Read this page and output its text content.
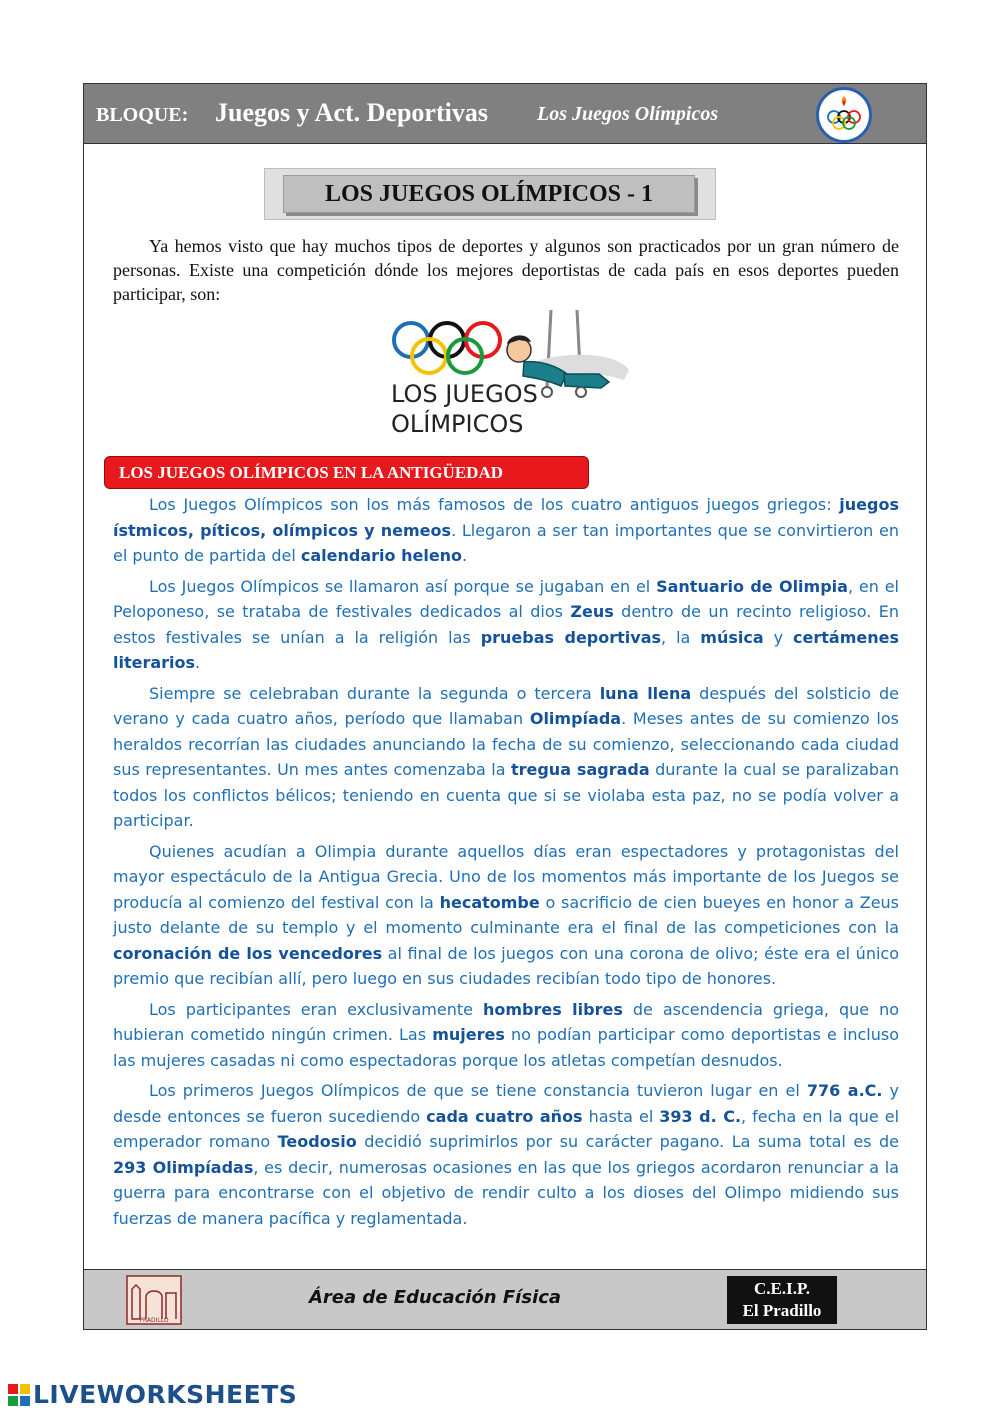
BLOQUE: Juegos y Act. Deportivas Los Juegos Olímpicos
LOS JUEGOS OLÍMPICOS - 1

Ya hemos visto que hay muchos tipos de deportes y algunos son practicados por un gran número de personas. Existe una competición dónde los mejores deportistas de cada país en esos deportes pueden participar, son:

LOS JUEGOS
OLÍMPICOS
LOS JUEGOS OLÍMPICOS EN LA ANTIGÜEDAD

Los Juegos Olímpicos son los más famosos de los cuatro antiguos juegos griegos: juegos ístmicos, píticos, olímpicos y nemeos. Llegaron a ser tan importantes que se convirtieron en el punto de partida del calendario heleno.

Los Juegos Olímpicos se llamaron así porque se jugaban en el Santuario de Olimpia, en el Peloponeso, se trataba de festivales dedicados al dios Zeus dentro de un recinto religioso. En estos festivales se unían a la religión las pruebas deportivas, la música y certámenes literarios.

Siempre se celebraban durante la segunda o tercera luna llena después del solsticio de verano y cada cuatro años, período que llamaban Olimpíada. Meses antes de su comienzo los heraldos recorrían las ciudades anunciando la fecha de su comienzo, seleccionando cada ciudad sus representantes. Un mes antes comenzaba la tregua sagrada durante la cual se paralizaban todos los conflictos bélicos; teniendo en cuenta que si se violaba esta paz, no se podía volver a participar.

Quienes acudían a Olimpia durante aquellos días eran espectadores y protagonistas del mayor espectáculo de la Antigua Grecia. Uno de los momentos más importante de los Juegos se producía al comienzo del festival con la hecatombe o sacrificio de cien bueyes en honor a Zeus justo delante de su templo y el momento culminante era el final de las competiciones con la coronación de los vencedores al final de los juegos con una corona de olivo; éste era el único premio que recibían allí, pero luego en sus ciudades recibían todo tipo de honores.

Los participantes eran exclusivamente hombres libres de ascendencia griega, que no hubieran cometido ningún crimen. Las mujeres no podían participar como deportistas e incluso las mujeres casadas ni como espectadoras porque los atletas competían desnudos.

Los primeros Juegos Olímpicos de que se tiene constancia tuvieron lugar en el 776 a.C. y desde entonces se fueron sucediendo cada cuatro años hasta el 393 d. C., fecha en la que el emperador romano Teodosio decidió suprimirlos por su carácter pagano. La suma total es de 293 Olimpíadas, es decir, numerosas ocasiones en las que los griegos acordaron renunciar a la guerra para encontrarse con el objetivo de rendir culto a los dioses del Olimpo midiendo sus fuerzas de manera pacífica y reglamentada.

PRADILLO
Área de Educación Física	C.E.I.P.
El Pradillo
LIVEWORKSHEETS
